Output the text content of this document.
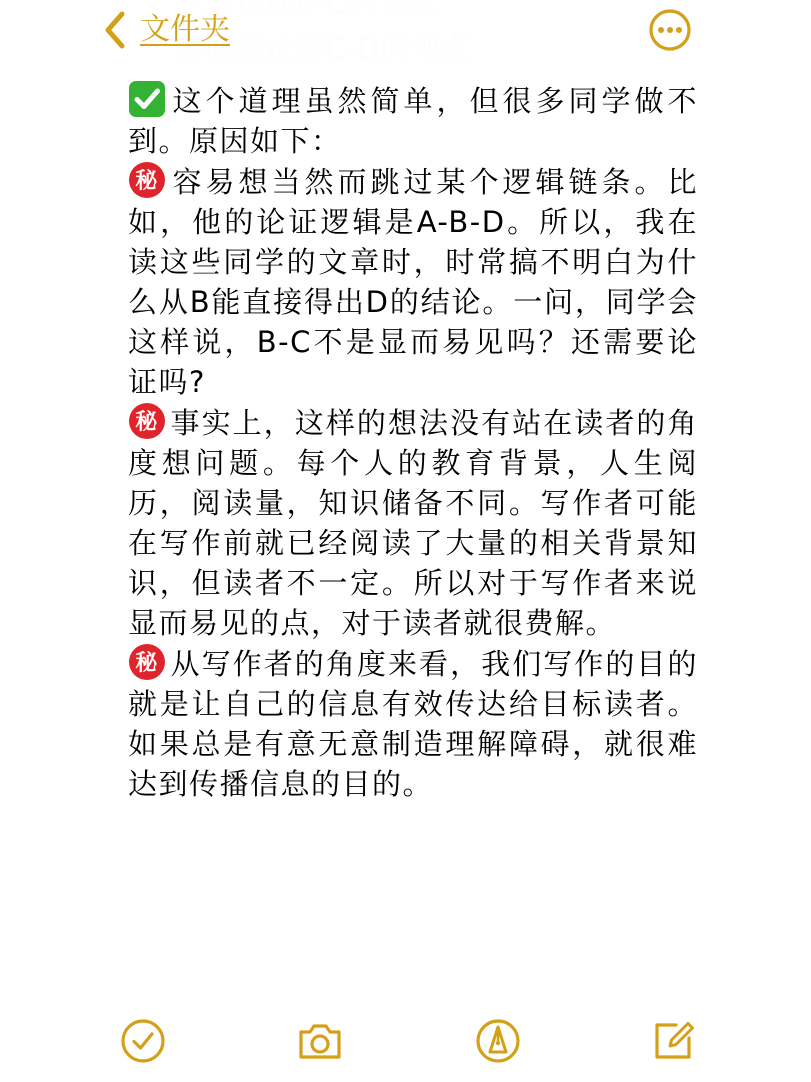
文件夹

这个道理虽然简单，但很多同学做不到。原因如下：

秘 容易想当然而跳过某个逻辑链条。比如，他的论证逻辑是A-B-D。所以，我在读这些同学的文章时，时常搞不明白为什么从B能直接得出D的结论。一问，同学会这样说，B-C不是显而易见吗？还需要论证吗?

秘 事实上，这样的想法没有站在读者的角度想问题。每个人的教育背景，人生阅历，阅读量，知识储备不同。写作者可能在写作前就已经阅读了大量的相关背景知识，但读者不一定。所以对于写作者来说显而易见的点，对于读者就很费解。

秘 从写作者的角度来看，我们写作的目的就是让自己的信息有效传达给目标读者。如果总是有意无意制造理解障碍，就很难达到传播信息的目的。
